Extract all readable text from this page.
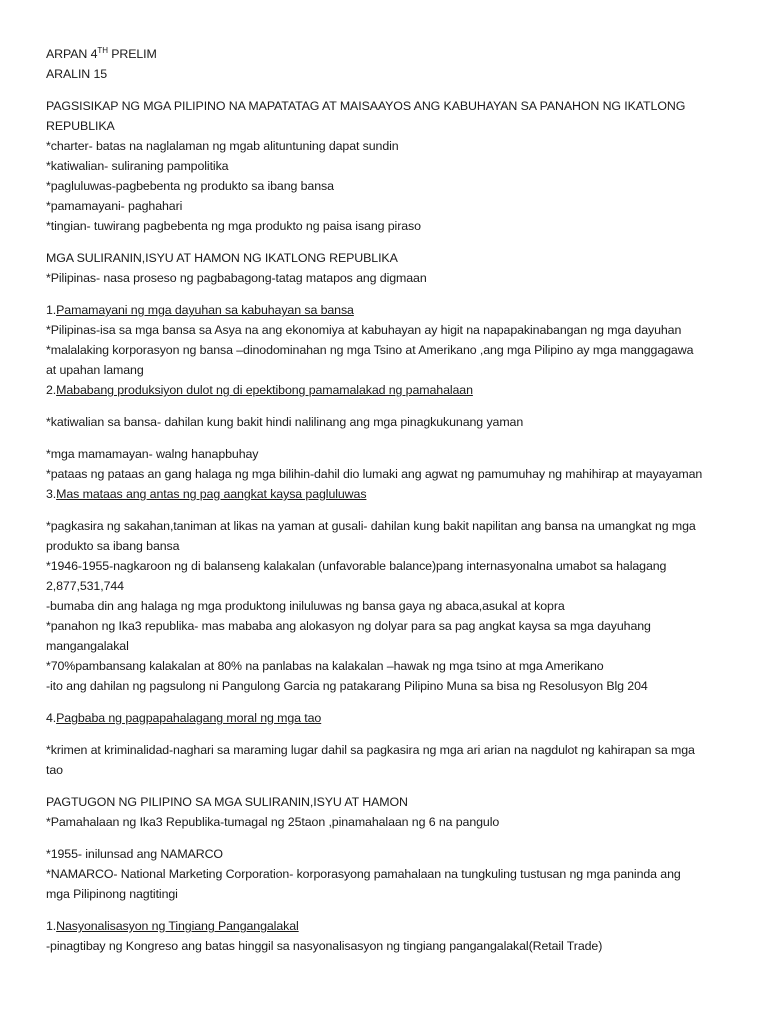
ARPAN 4TH PRELIM
ARALIN 15
PAGSISIKAP NG MGA PILIPINO NA MAPATATAG AT MAISAAYOS ANG KABUHAYAN SA PANAHON NG IKATLONG
REPUBLIKA
*charter- batas na naglalaman ng mgab alituntuning dapat sundin
*katiwalian- suliraning pampolitika
*pagluluwas-pagbebenta ng produkto sa ibang bansa
*pamamayani- paghahari
*tingian- tuwirang pagbebenta ng mga produkto ng paisa isang piraso
MGA SULIRANIN,ISYU AT HAMON NG IKATLONG REPUBLIKA
*Pilipinas- nasa proseso ng pagbabagong-tatag matapos ang digmaan
1.Pamamayani ng mga dayuhan sa kabuhayan sa bansa
*Pilipinas-isa sa mga bansa sa Asya na ang ekonomiya at kabuhayan ay higit na napapakinabangan ng mga dayuhan
*malalaking korporasyon ng bansa –dinodominahan ng mga Tsino at Amerikano ,ang mga Pilipino ay mga manggagawa
at upahan lamang
2.Mababang produksiyon dulot ng di epektibong pamamalakad ng pamahalaan
*katiwalian sa bansa- dahilan kung bakit hindi nalilinang ang mga pinagkukunang yaman
*mga mamamayan- walng hanapbuhay
*pataas ng pataas an gang halaga ng mga bilihin-dahil dio lumaki ang agwat ng pamumuhay ng mahihirap at mayayaman
3.Mas mataas ang antas ng pag aangkat kaysa pagluluwas
*pagkasira ng sakahan,taniman at likas na yaman at gusali- dahilan kung bakit napilitan ang bansa na umangkat ng mga
produkto sa ibang bansa
*1946-1955-nagkaroon ng di balanseng kalakalan (unfavorable balance)pang internasyonalna umabot sa halagang
2,877,531,744
-bumaba din ang halaga ng mga produktong iniluluwas ng bansa gaya ng abaca,asukal at kopra
*panahon ng Ika3 republika- mas mababa ang alokasyon ng dolyar para sa pag angkat kaysa sa mga dayuhang
mangangalakal
*70%pambansang kalakalan at 80% na panlabas na kalakalan –hawak ng mga tsino at mga Amerikano
-ito ang dahilan ng pagsulong ni Pangulong Garcia ng patakarang Pilipino Muna sa bisa ng Resolusyon Blg 204
4.Pagbaba ng pagpapahalagang moral ng mga tao
*krimen at kriminalidad-naghari sa maraming lugar dahil sa pagkasira ng mga ari arian na nagdulot ng kahirapan sa mga
tao
PAGTUGON NG PILIPINO SA MGA SULIRANIN,ISYU AT HAMON
*Pamahalaan ng Ika3 Republika-tumagal ng 25taon ,pinamahalaan ng 6 na pangulo
*1955- inilunsad ang NAMARCO
*NAMARCO- National Marketing Corporation- korporasyong pamahalaan na tungkuling tustusan ng mga paninda ang
mga Pilipinong nagtitingi
1.Nasyonalisasyon ng Tingiang Pangangalakal
-pinagtibay ng Kongreso ang batas hinggil sa nasyonalisasyon ng tingiang pangangalakal(Retail Trade)
